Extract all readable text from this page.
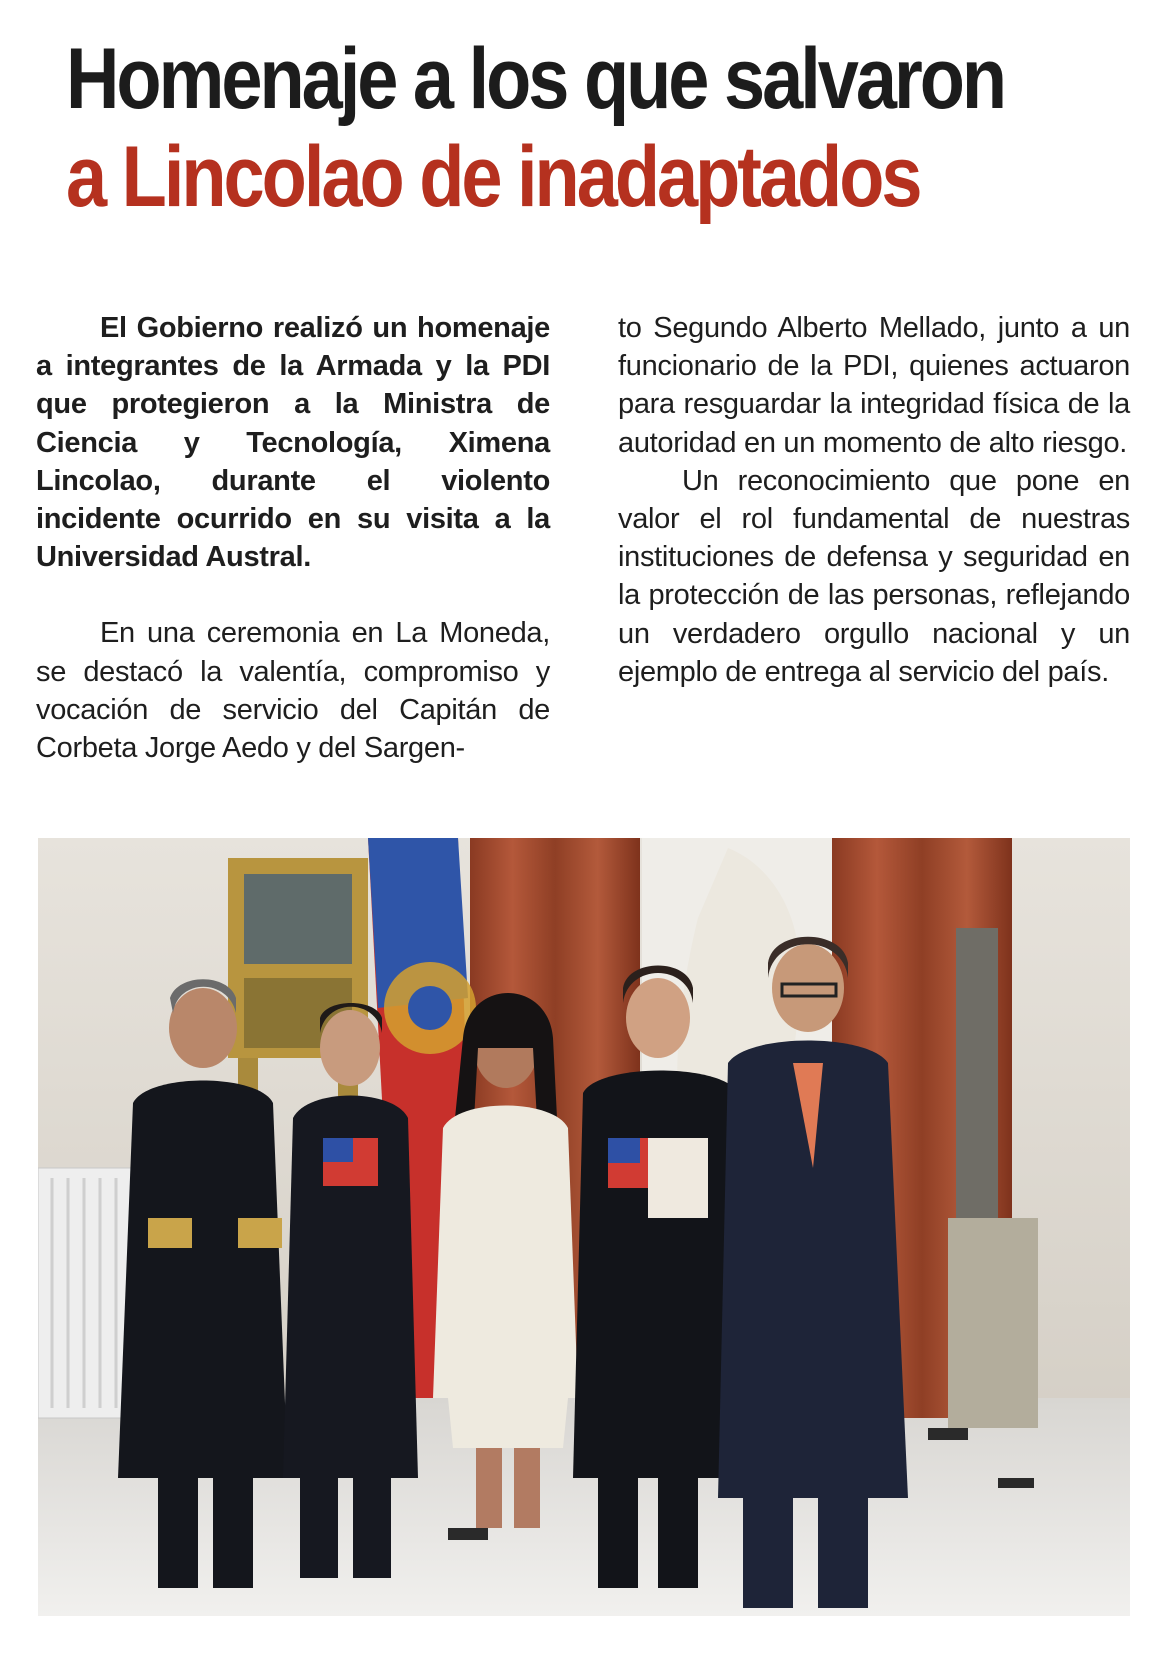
Homenaje a los que salvaron
a Lincolao de inadaptados

El Gobierno realizó un homenaje a integrantes de la Armada y la PDI que protegieron a la Ministra de Ciencia y Tecnología, Ximena Lincolao, durante el violento incidente ocurrido en su visita a la Universidad Austral.

En una ceremonia en La Moneda, se destacó la valentía, compromiso y vocación de servicio del Capitán de Corbeta Jorge Aedo y del Sargen-

to Segundo Alberto Mellado, junto a un funcionario de la PDI, quienes actuaron para resguardar la integridad física de la autoridad en un momento de alto riesgo.

Un reconocimiento que pone en valor el rol fundamental de nuestras instituciones de defensa y seguridad en la protección de las personas, reflejando un verdadero orgullo nacional y un ejemplo de entrega al servicio del país.
